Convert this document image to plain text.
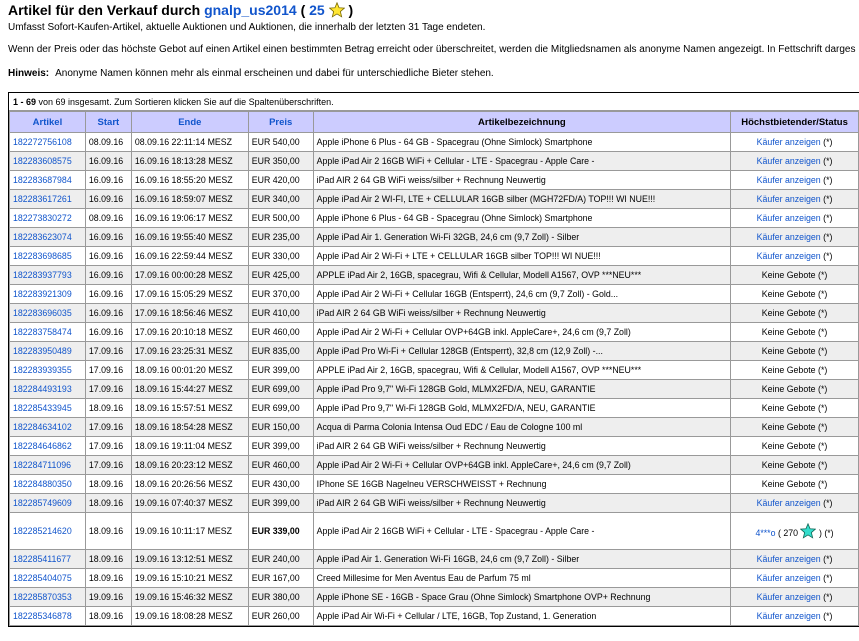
Artikel für den Verkauf durch gnalp_us2014 ( 25 )
Umfasst Sofort-Kaufen-Artikel, aktuelle Auktionen und Auktionen, die innerhalb der letzten 31 Tage endeten.
Wenn der Preis oder das höchste Gebot auf einen Artikel einen bestimmten Betrag erreicht oder überschreitet, werden die Mitgliedsnamen als anonyme Namen angezeigt. In Fettschrift darges
Hinweis: Anonyme Namen können mehr als einmal erscheinen und dabei für unterschiedliche Bieter stehen.
1 - 69 von 69 insgesamt. Zum Sortieren klicken Sie auf die Spaltenüberschriften.
Artikel	Start	Ende	Preis	Artikelbezeichnung	Höchstbietender/Status
182272756108	08.09.16	08.09.16 22:11:14 MESZ	EUR 540,00	Apple iPhone 6 Plus - 64 GB - Spacegrau (Ohne Simlock) Smartphone	Käufer anzeigen (*)
182283608575	16.09.16	16.09.16 18:13:28 MESZ	EUR 350,00	Apple iPad Air 2 16GB WiFi + Cellular - LTE - Spacegrau - Apple Care -	Käufer anzeigen (*)
182283687984	16.09.16	16.09.16 18:55:20 MESZ	EUR 420,00	iPad AIR 2 64 GB WiFi weiss/silber + Rechnung Neuwertig	Käufer anzeigen (*)
182283617261	16.09.16	16.09.16 18:59:07 MESZ	EUR 340,00	Apple iPad Air 2 WI-FI, LTE + CELLULAR 16GB silber (MGH72FD/A) TOP!!! WI NUE!!!	Käufer anzeigen (*)
182273830272	08.09.16	16.09.16 19:06:17 MESZ	EUR 500,00	Apple iPhone 6 Plus - 64 GB - Spacegrau (Ohne Simlock) Smartphone	Käufer anzeigen (*)
182283623074	16.09.16	16.09.16 19:55:40 MESZ	EUR 235,00	Apple iPad Air 1. Generation Wi-Fi 32GB, 24,6 cm (9,7 Zoll) - Silber	Käufer anzeigen (*)
182283698685	16.09.16	16.09.16 22:59:44 MESZ	EUR 330,00	Apple iPad Air 2 Wi-Fi + LTE + CELLULAR 16GB silber TOP!!! WI NUE!!!	Käufer anzeigen (*)
182283937793	16.09.16	17.09.16 00:00:28 MESZ	EUR 425,00	APPLE iPad Air 2, 16GB, spacegrau, Wifi & Cellular, Modell A1567, OVP ***NEU***	Keine Gebote (*)
182283921309	16.09.16	17.09.16 15:05:29 MESZ	EUR 370,00	Apple iPad Air 2 Wi-Fi + Cellular 16GB (Entsperrt), 24,6 cm (9,7 Zoll) - Gold...	Keine Gebote (*)
182283696035	16.09.16	17.09.16 18:56:46 MESZ	EUR 410,00	iPad AIR 2 64 GB WiFi weiss/silber + Rechnung Neuwertig	Keine Gebote (*)
182283758474	16.09.16	17.09.16 20:10:18 MESZ	EUR 460,00	Apple iPad Air 2 Wi-Fi + Cellular OVP+64GB inkl. AppleCare+, 24,6 cm (9,7 Zoll)	Keine Gebote (*)
182283950489	17.09.16	17.09.16 23:25:31 MESZ	EUR 835,00	Apple iPad Pro Wi-Fi + Cellular 128GB (Entsperrt), 32,8 cm (12,9 Zoll) -...	Keine Gebote (*)
182283939355	17.09.16	18.09.16 00:01:20 MESZ	EUR 399,00	APPLE iPad Air 2, 16GB, spacegrau, Wifi & Cellular, Modell A1567, OVP ***NEU***	Keine Gebote (*)
182284493193	17.09.16	18.09.16 15:44:27 MESZ	EUR 699,00	Apple iPad Pro 9,7" Wi-Fi 128GB Gold, MLMX2FD/A, NEU, GARANTIE	Keine Gebote (*)
182285433945	18.09.16	18.09.16 15:57:51 MESZ	EUR 699,00	Apple iPad Pro 9,7" Wi-Fi 128GB Gold, MLMX2FD/A, NEU, GARANTIE	Keine Gebote (*)
182284634102	17.09.16	18.09.16 18:54:28 MESZ	EUR 150,00	Acqua di Parma Colonia Intensa Oud EDC / Eau de Cologne 100 ml	Keine Gebote (*)
182284646862	17.09.16	18.09.16 19:11:04 MESZ	EUR 399,00	iPad AIR 2 64 GB WiFi weiss/silber + Rechnung Neuwertig	Keine Gebote (*)
182284711096	17.09.16	18.09.16 20:23:12 MESZ	EUR 460,00	Apple iPad Air 2 Wi-Fi + Cellular OVP+64GB inkl. AppleCare+, 24,6 cm (9,7 Zoll)	Keine Gebote (*)
182284880350	18.09.16	18.09.16 20:26:56 MESZ	EUR 430,00	IPhone SE 16GB Nagelneu VERSCHWEISST + Rechnung	Keine Gebote (*)
182285749609	18.09.16	19.09.16 07:40:37 MESZ	EUR 399,00	iPad AIR 2 64 GB WiFi weiss/silber + Rechnung Neuwertig	Käufer anzeigen (*)
182285214620	18.09.16	19.09.16 10:11:17 MESZ	EUR 339,00	Apple iPad Air 2 16GB WiFi + Cellular - LTE - Spacegrau - Apple Care -	4***o ( 270 ) (*)
182285411677	18.09.16	19.09.16 13:12:51 MESZ	EUR 240,00	Apple iPad Air 1. Generation Wi-Fi 16GB, 24,6 cm (9,7 Zoll) - Silber	Käufer anzeigen (*)
182285404075	18.09.16	19.09.16 15:10:21 MESZ	EUR 167,00	Creed Millesime for Men Aventus Eau de Parfum 75 ml	Käufer anzeigen (*)
182285870353	19.09.16	19.09.16 15:46:32 MESZ	EUR 380,00	Apple iPhone SE - 16GB - Space Grau (Ohne Simlock) Smartphone OVP+ Rechnung	Käufer anzeigen (*)
182285346878	18.09.16	19.09.16 18:08:28 MESZ	EUR 260,00	Apple iPad Air Wi-Fi + Cellular / LTE, 16GB, Top Zustand, 1. Generation	Käufer anzeigen (*)
